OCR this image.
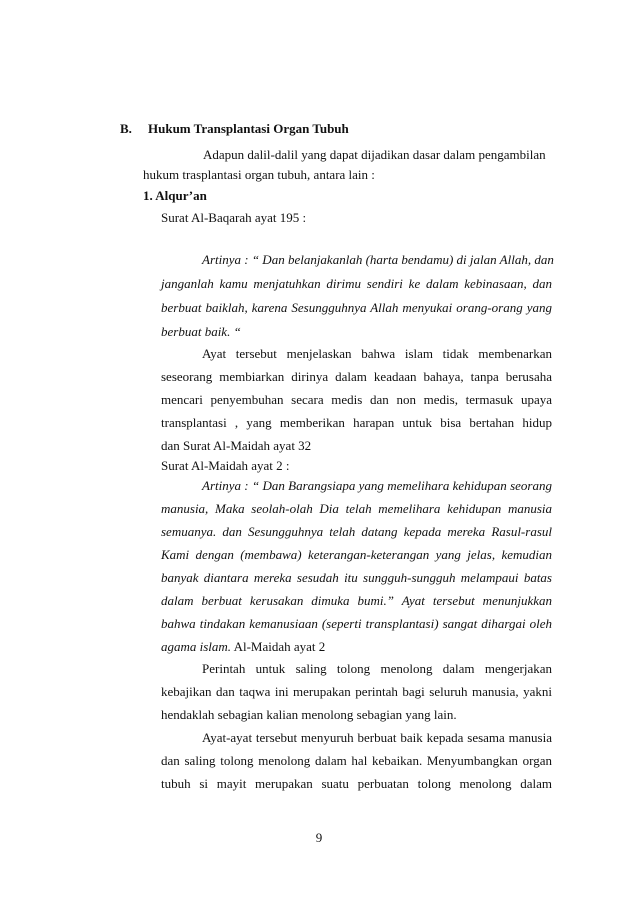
B. Hukum Transplantasi Organ Tubuh
Adapun dalil-dalil yang dapat dijadikan dasar dalam pengambilan
hukum trasplantasi organ tubuh, antara lain :
1. Alqur’an
Surat Al-Baqarah ayat 195 :
Artinya : “ Dan belanjakanlah (harta bendamu) di jalan Allah, dan
janganlah kamu menjatuhkan dirimu sendiri ke dalam kebinasaan, dan
berbuat baiklah, karena Sesungguhnya Allah menyukai orang-orang yang
berbuat baik. “
Ayat tersebut menjelaskan bahwa islam tidak membenarkan
seseorang membiarkan dirinya dalam keadaan bahaya, tanpa berusaha
mencari penyembuhan secara medis dan non medis, termasuk upaya
transplantasi , yang memberikan harapan untuk bisa bertahan hidup
dan Surat Al-Maidah ayat 32
Surat Al-Maidah ayat 2 :
Artinya : “ Dan Barangsiapa yang memelihara kehidupan seorang
manusia, Maka seolah-olah Dia telah memelihara kehidupan manusia
semuanya. dan Sesungguhnya telah datang kepada mereka Rasul-rasul
Kami dengan (membawa) keterangan-keterangan yang jelas, kemudian
banyak diantara mereka sesudah itu sungguh-sungguh melampaui batas
dalam berbuat kerusakan dimuka bumi.” Ayat tersebut menunjukkan
bahwa tindakan kemanusiaan (seperti transplantasi) sangat dihargai oleh
agama islam. Al-Maidah ayat 2
Perintah untuk saling tolong menolong dalam mengerjakan
kebajikan dan taqwa ini merupakan perintah bagi seluruh manusia, yakni
hendaklah sebagian kalian menolong sebagian yang lain.
Ayat-ayat tersebut menyuruh berbuat baik kepada sesama manusia
dan saling tolong menolong dalam hal kebaikan. Menyumbangkan organ
tubuh si mayit merupakan suatu perbuatan tolong menolong dalam
9
